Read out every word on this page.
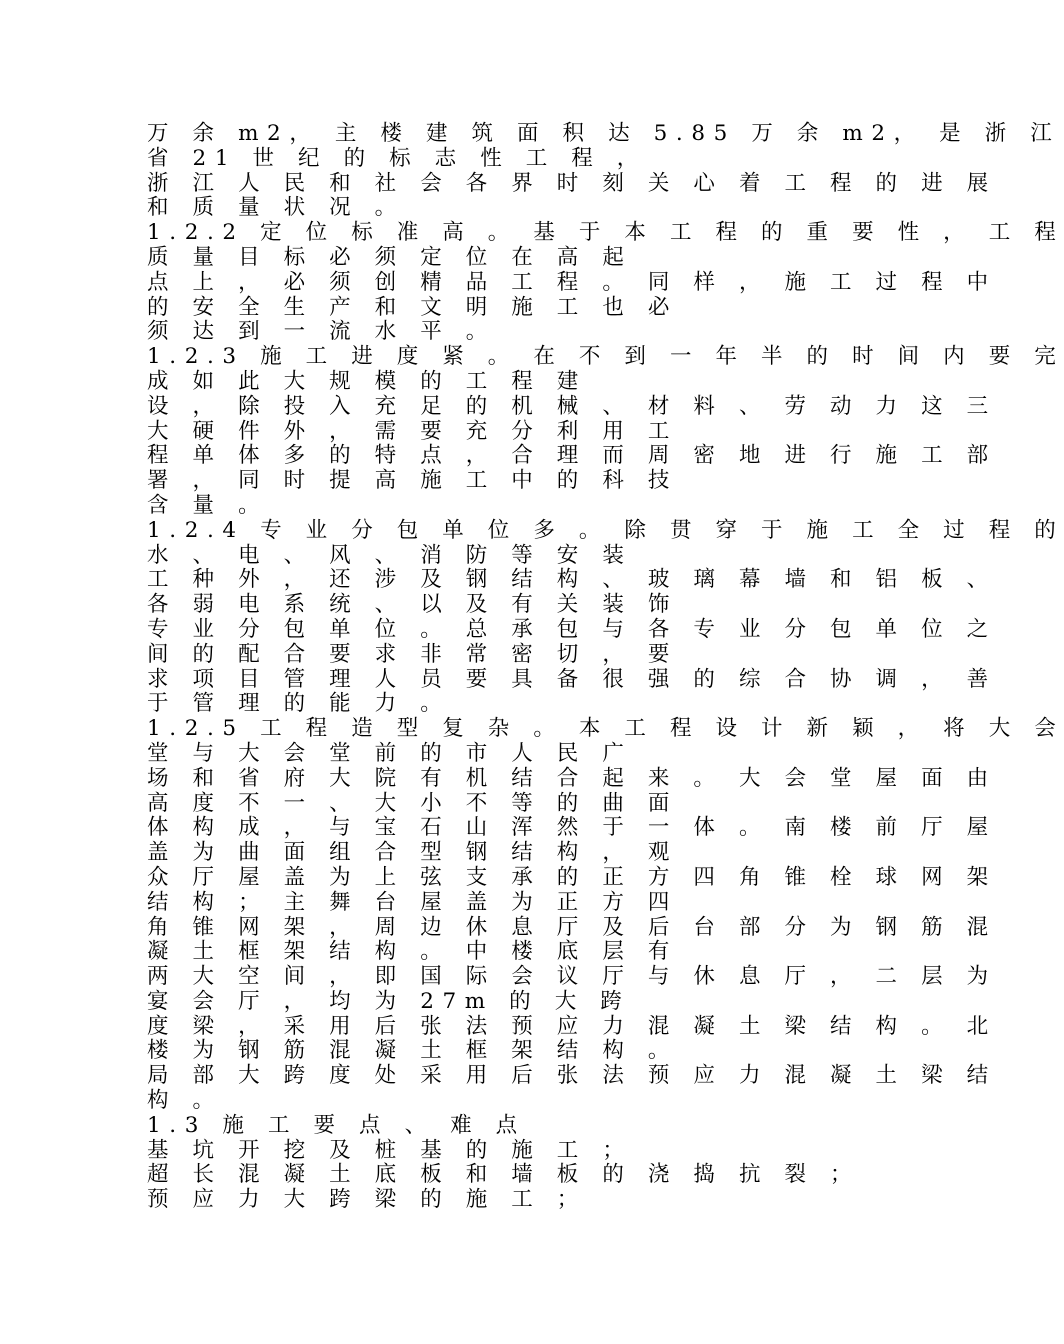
万 余 m2， 主 楼 建 筑 面 积 达 5.85 万 余 m2， 是 浙 江
省 21 世 纪 的 标 志 性 工 程 ，
浙 江 人 民 和 社 会 各 界 时 刻 关 心 着 工 程 的 进 展
和 质 量 状 况 。
1.2.2 定 位 标 准 高 。 基 于 本 工 程 的 重 要 性 ， 工 程
质 量 目 标 必 须 定 位 在 高 起
点 上 ， 必 须 创 精 品 工 程 。 同 样 ， 施 工 过 程 中
的 安 全 生 产 和 文 明 施 工 也 必
须 达 到 一 流 水 平 。
1.2.3 施 工 进 度 紧 。 在 不 到 一 年 半 的 时 间 内 要 完
成 如 此 大 规 模 的 工 程 建
设 ， 除 投 入 充 足 的 机 械 、 材 料 、 劳 动 力 这 三
大 硬 件 外 ， 需 要 充 分 利 用 工
程 单 体 多 的 特 点 ， 合 理 而 周 密 地 进 行 施 工 部
署 ， 同 时 提 高 施 工 中 的 科 技
含 量 。
1.2.4 专 业 分 包 单 位 多 。 除 贯 穿 于 施 工 全 过 程 的
水 、 电 、 风 、 消 防 等 安 装
工 种 外 ， 还 涉 及 钢 结 构 、 玻 璃 幕 墙 和 铝 板 、
各 弱 电 系 统 、 以 及 有 关 装 饰
专 业 分 包 单 位 。 总 承 包 与 各 专 业 分 包 单 位 之
间 的 配 合 要 求 非 常 密 切 ， 要
求 项 目 管 理 人 员 要 具 备 很 强 的 综 合 协 调 ， 善
于 管 理 的 能 力 。
1.2.5 工 程 造 型 复 杂 。 本 工 程 设 计 新 颖 ， 将 大 会
堂 与 大 会 堂 前 的 市 人 民 广
场 和 省 府 大 院 有 机 结 合 起 来 。 大 会 堂 屋 面 由
高 度 不 一 、 大 小 不 等 的 曲 面
体 构 成 ， 与 宝 石 山 浑 然 于 一 体 。 南 楼 前 厅 屋
盖 为 曲 面 组 合 型 钢 结 构 ， 观
众 厅 屋 盖 为 上 弦 支 承 的 正 方 四 角 锥 栓 球 网 架
结 构 ； 主 舞 台 屋 盖 为 正 方 四
角 锥 网 架 ， 周 边 休 息 厅 及 后 台 部 分 为 钢 筋 混
凝 土 框 架 结 构 。 中 楼 底 层 有
两 大 空 间 ， 即 国 际 会 议 厅 与 休 息 厅 ， 二 层 为
宴 会 厅 ， 均 为 27m 的 大 跨
度 梁 ， 采 用 后 张 法 预 应 力 混 凝 土 梁 结 构 。 北
楼 为 钢 筋 混 凝 土 框 架 结 构 。
局 部 大 跨 度 处 采 用 后 张 法 预 应 力 混 凝 土 梁 结
构 。
1.3 施 工 要 点 、 难 点
基 坑 开 挖 及 桩 基 的 施 工 ；
超 长 混 凝 土 底 板 和 墙 板 的 浇 捣 抗 裂 ；
预 应 力 大 跨 梁 的 施 工 ；
